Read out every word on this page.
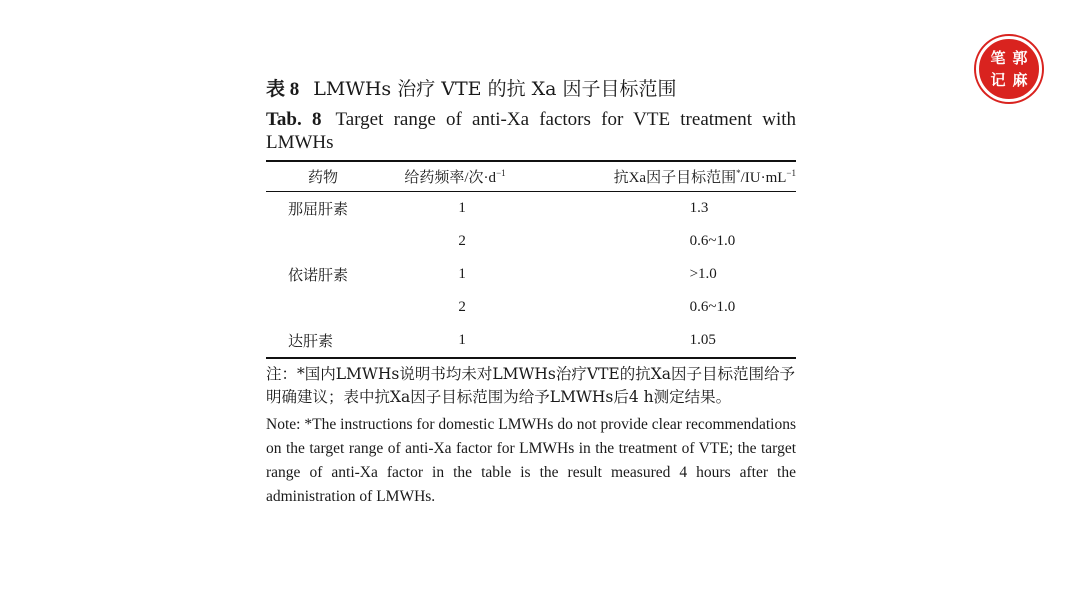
笔 郭
记 麻

表 8 LMWHs 治疗 VTE 的抗 Xa 因子目标范围

Tab. 8 Target range of anti-Xa factors for VTE treatment with LMWHs

药物	给药频率/次$\cdot d^{-1}$	抗Xa因子目标范围$^*/IU\cdot mL^{-1}$
那屈肝素	1	1.3
	2	0.6~1.0
依诺肝素	1	>1.0
	2	0.6~1.0
达肝素	1	1.05

注：*国内LMWHs说明书均未对LMWHs治疗VTE的抗Xa因子目标范围给予明确建议；表中抗Xa因子目标范围为给予LMWHs后4 h测定结果。

Note: *The instructions for domestic LMWHs do not provide clear recommendations on the target range of anti-Xa factor for LMWHs in the treatment of VTE; the target range of anti-Xa factor in the table is the result measured 4 hours after the administration of LMWHs.
